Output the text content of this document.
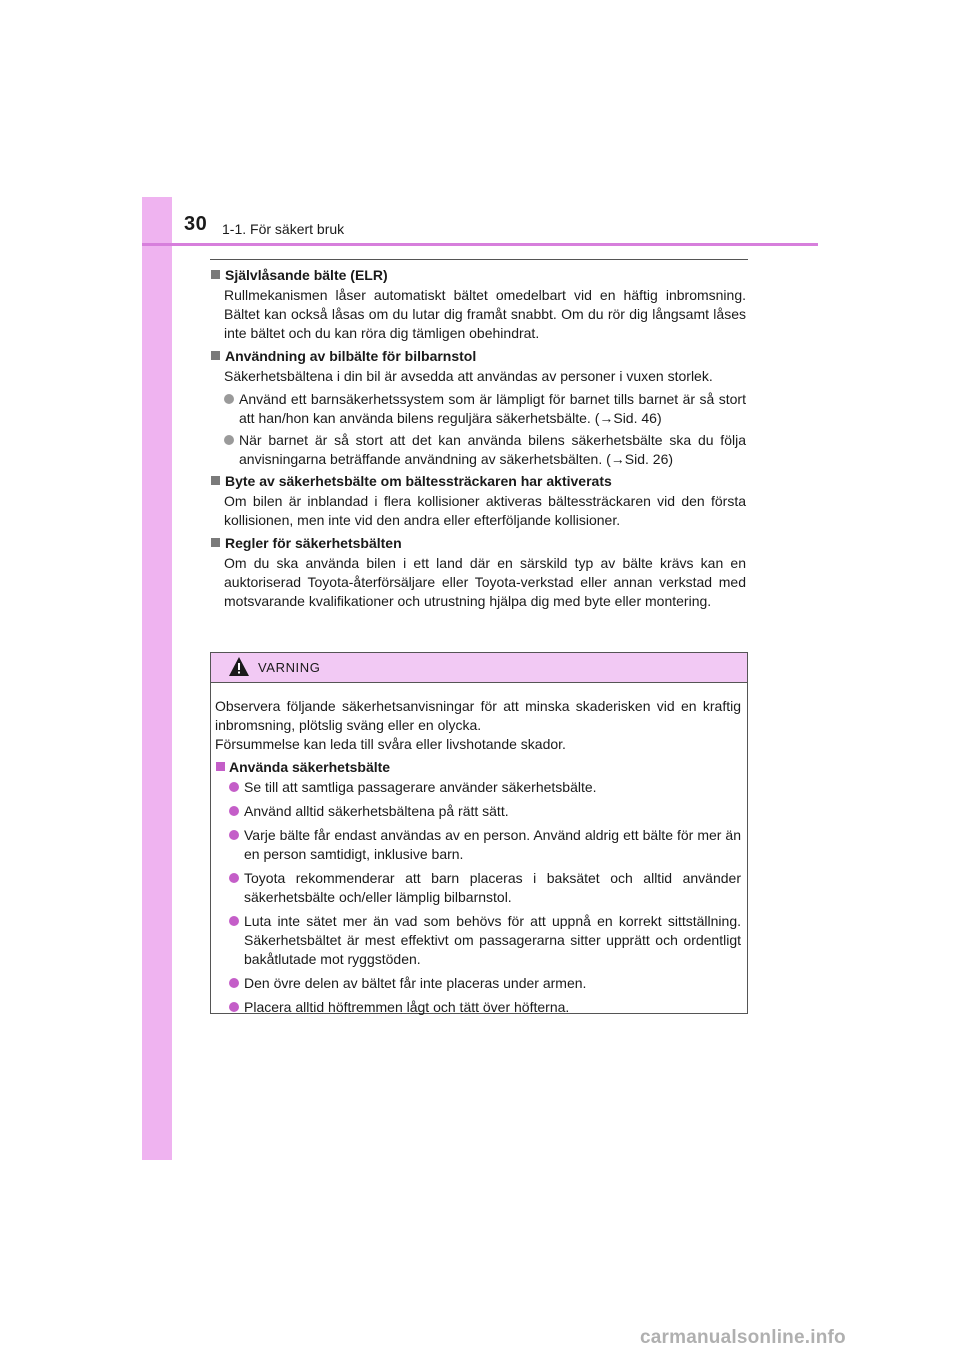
30 1-1. För säkert bruk
Självlåsande bälte (ELR)
Rullmekanismen låser automatiskt bältet omedelbart vid en häftig inbromsning. Bältet kan också låsas om du lutar dig framåt snabbt. Om du rör dig långsamt låses inte bältet och du kan röra dig tämligen obehindrat.
Användning av bilbälte för bilbarnstol
Säkerhetsbältena i din bil är avsedda att användas av personer i vuxen storlek.
Använd ett barnsäkerhetssystem som är lämpligt för barnet tills barnet är så stort att han/hon kan använda bilens reguljära säkerhetsbälte. (→Sid. 46)
När barnet är så stort att det kan använda bilens säkerhetsbälte ska du följa anvisningarna beträffande användning av säkerhetsbälten. (→Sid. 26)
Byte av säkerhetsbälte om bältessträckaren har aktiverats
Om bilen är inblandad i flera kollisioner aktiveras bältessträckaren vid den första kollisionen, men inte vid den andra eller efterföljande kollisioner.
Regler för säkerhetsbälten
Om du ska använda bilen i ett land där en särskild typ av bälte krävs kan en auktoriserad Toyota-återförsäljare eller Toyota-verkstad eller annan verkstad med motsvarande kvalifikationer och utrustning hjälpa dig med byte eller montering.
VARNING
Observera följande säkerhetsanvisningar för att minska skaderisken vid en kraftig inbromsning, plötslig sväng eller en olycka.
Försummelse kan leda till svåra eller livshotande skador.
Använda säkerhetsbälte
Se till att samtliga passagerare använder säkerhetsbälte.
Använd alltid säkerhetsbältena på rätt sätt.
Varje bälte får endast användas av en person. Använd aldrig ett bälte för mer än en person samtidigt, inklusive barn.
Toyota rekommenderar att barn placeras i baksätet och alltid använder säkerhetsbälte och/eller lämplig bilbarnstol.
Luta inte sätet mer än vad som behövs för att uppnå en korrekt sittställning. Säkerhetsbältet är mest effektivt om passagerarna sitter upprätt och ordentligt bakåtlutade mot ryggstöden.
Den övre delen av bältet får inte placeras under armen.
Placera alltid höftremmen lågt och tätt över höfterna.
carmanualsonline.info
